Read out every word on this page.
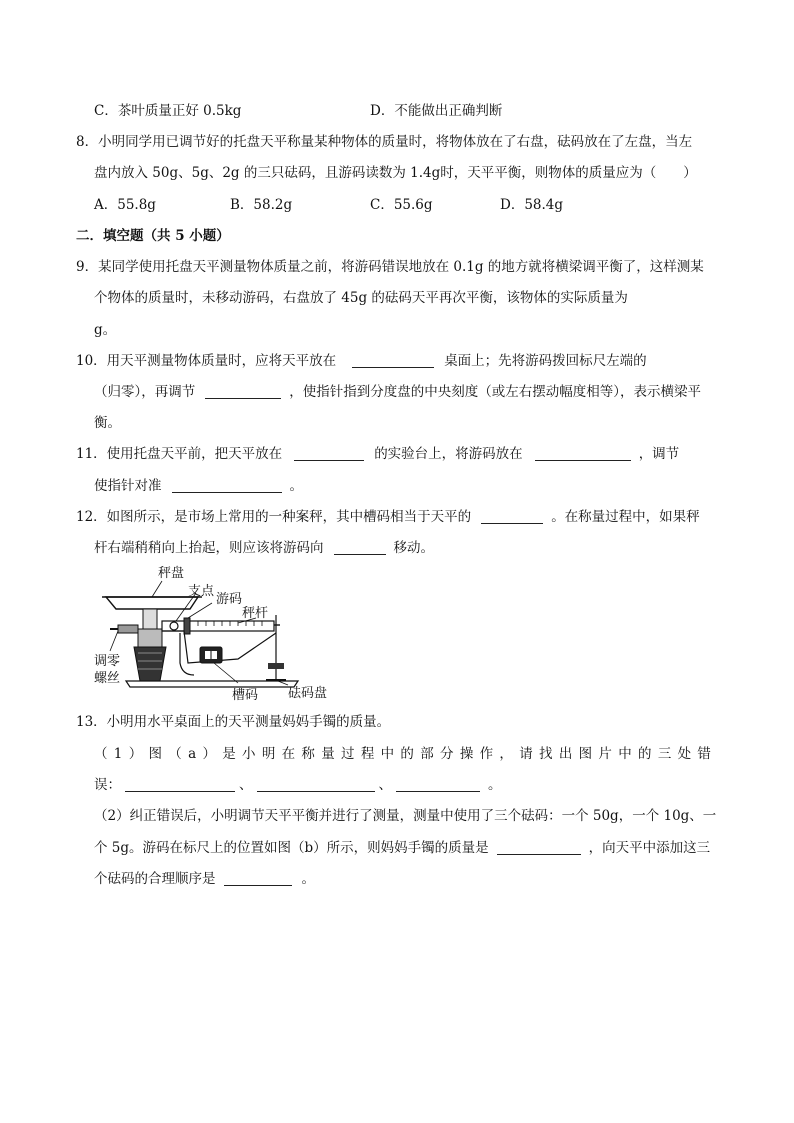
C．茶叶质量正好 0.5kg	D．不能做出正确判断
8．小明同学用已调节好的托盘天平称量某种物体的质量时，将物体放在了右盘，砝码放在了左盘，当左
盘内放入 50g、5g、2g 的三只砝码，且游码读数为 1.4g时，天平平衡，则物体的质量应为（　　）
A．55.8g	B．58.2g	C．55.6g	D．58.4g
二．填空题（共 5 小题）
9．某同学使用托盘天平测量物体质量之前，将游码错误地放在 0.1g 的地方就将横梁调平衡了，这样测某
个物体的质量时，未移动游码，右盘放了 45g 的砝码天平再次平衡，该物体的实际质量为
g。
10．用天平测量物体质量时，应将天平放在	桌面上；先将游码拨回标尺左端的
（归零），再调节	，使指针指到分度盘的中央刻度（或左右摆动幅度相等），表示横梁平
衡。
11．使用托盘天平前，把天平放在	的实验台上，将游码放在	，调节
使指针对准	。
12．如图所示，是市场上常用的一种案秤，其中槽码相当于天平的	。在称量过程中，如果秤
杆右端稍稍向上抬起，则应该将游码向	移动。
秤盘
支点
游码
秤杆
调零
螺丝
槽码 砝码盘
13．小明用水平桌面上的天平测量妈妈手镯的质量。
（1）图（a）是小明在称量过程中的部分操作，请找出图片中的三处错
误：	、	、	。
（2）纠正错误后，小明调节天平平衡并进行了测量，测量中使用了三个砝码：一个 50g，一个 10g、一
个 5g。游码在标尺上的位置如图（b）所示，则妈妈手镯的质量是	，向天平中添加这三
个砝码的合理顺序是	。
